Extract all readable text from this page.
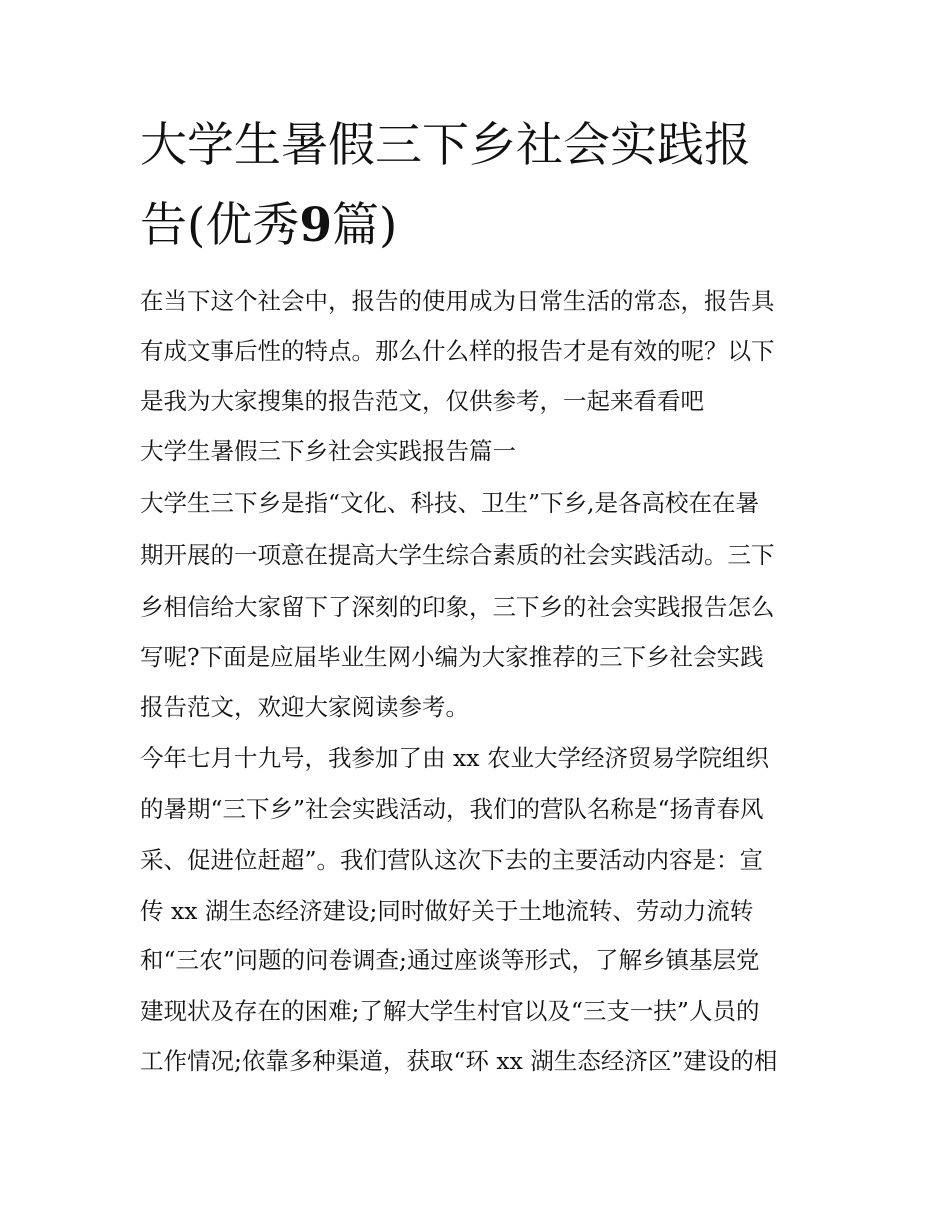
大学生暑假三下乡社会实践报
告(优秀9篇)

在当下这个社会中，报告的使用成为日常生活的常态，报告具

有成文事后性的特点。那么什么样的报告才是有效的呢？以下

是我为大家搜集的报告范文，仅供参考，一起来看看吧

大学生暑假三下乡社会实践报告篇一

大学生三下乡是指“文化、科技、卫生”下乡,是各高校在在暑

期开展的一项意在提高大学生综合素质的社会实践活动。三下

乡相信给大家留下了深刻的印象，三下乡的社会实践报告怎么

写呢?下面是应届毕业生网小编为大家推荐的三下乡社会实践

报告范文，欢迎大家阅读参考。

今年七月十九号，我参加了由 xx 农业大学经济贸易学院组织

的暑期“三下乡”社会实践活动，我们的营队名称是“扬青春风

采、促进位赶超”。我们营队这次下去的主要活动内容是：宣

传 xx 湖生态经济建设;同时做好关于土地流转、劳动力流转

和“三农”问题的问卷调查;通过座谈等形式，了解乡镇基层党

建现状及存在的困难;了解大学生村官以及“三支一扶”人员的

工作情况;依靠多种渠道，获取“环 xx 湖生态经济区”建设的相
